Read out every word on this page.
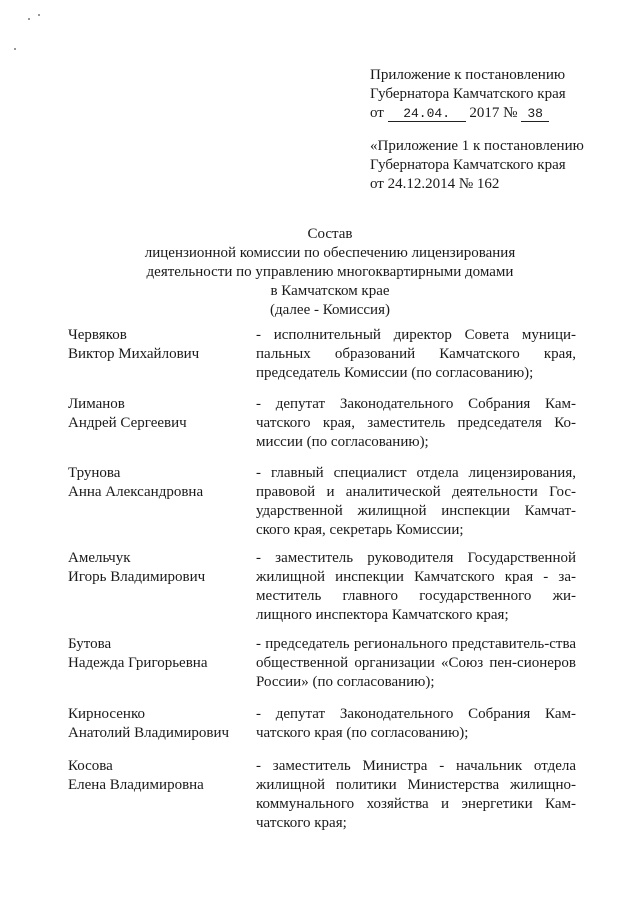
Приложение к постановлению
Губернатора Камчатского края
от 24.04. 2017 № 38
«Приложение 1 к постановлению
Губернатора Камчатского края
от 24.12.2014 № 162
Состав
лицензионной комиссии по обеспечению лицензирования
деятельности по управлению многоквартирными домами
в Камчатском крае
(далее - Комиссия)
Червяков
Виктор Михайлович
- исполнительный директор Совета муници-пальных образований Камчатского края, председатель Комиссии (по согласованию);
Лиманов
Андрей Сергеевич
- депутат Законодательного Собрания Кам-чатского края, заместитель председателя Ко-миссии (по согласованию);
Трунова
Анна Александровна
- главный специалист отдела лицензирования, правовой и аналитической деятельности Гос-ударственной жилищной инспекции Камчат-ского края, секретарь Комиссии;
Амельчук
Игорь Владимирович
- заместитель руководителя Государственной жилищной инспекции Камчатского края - за-меститель главного государственного жи-лищного инспектора Камчатского края;
Бутова
Надежда Григорьевна
- председатель регионального представитель-ства общественной организации «Союз пен-сионеров России» (по согласованию);
Кирносенко
Анатолий Владимирович
- депутат Законодательного Собрания Кам-чатского края (по согласованию);
Косова
Елена Владимировна
- заместитель Министра - начальник отдела жилищной политики Министерства жилищно-коммунального хозяйства и энергетики Кам-чатского края;
